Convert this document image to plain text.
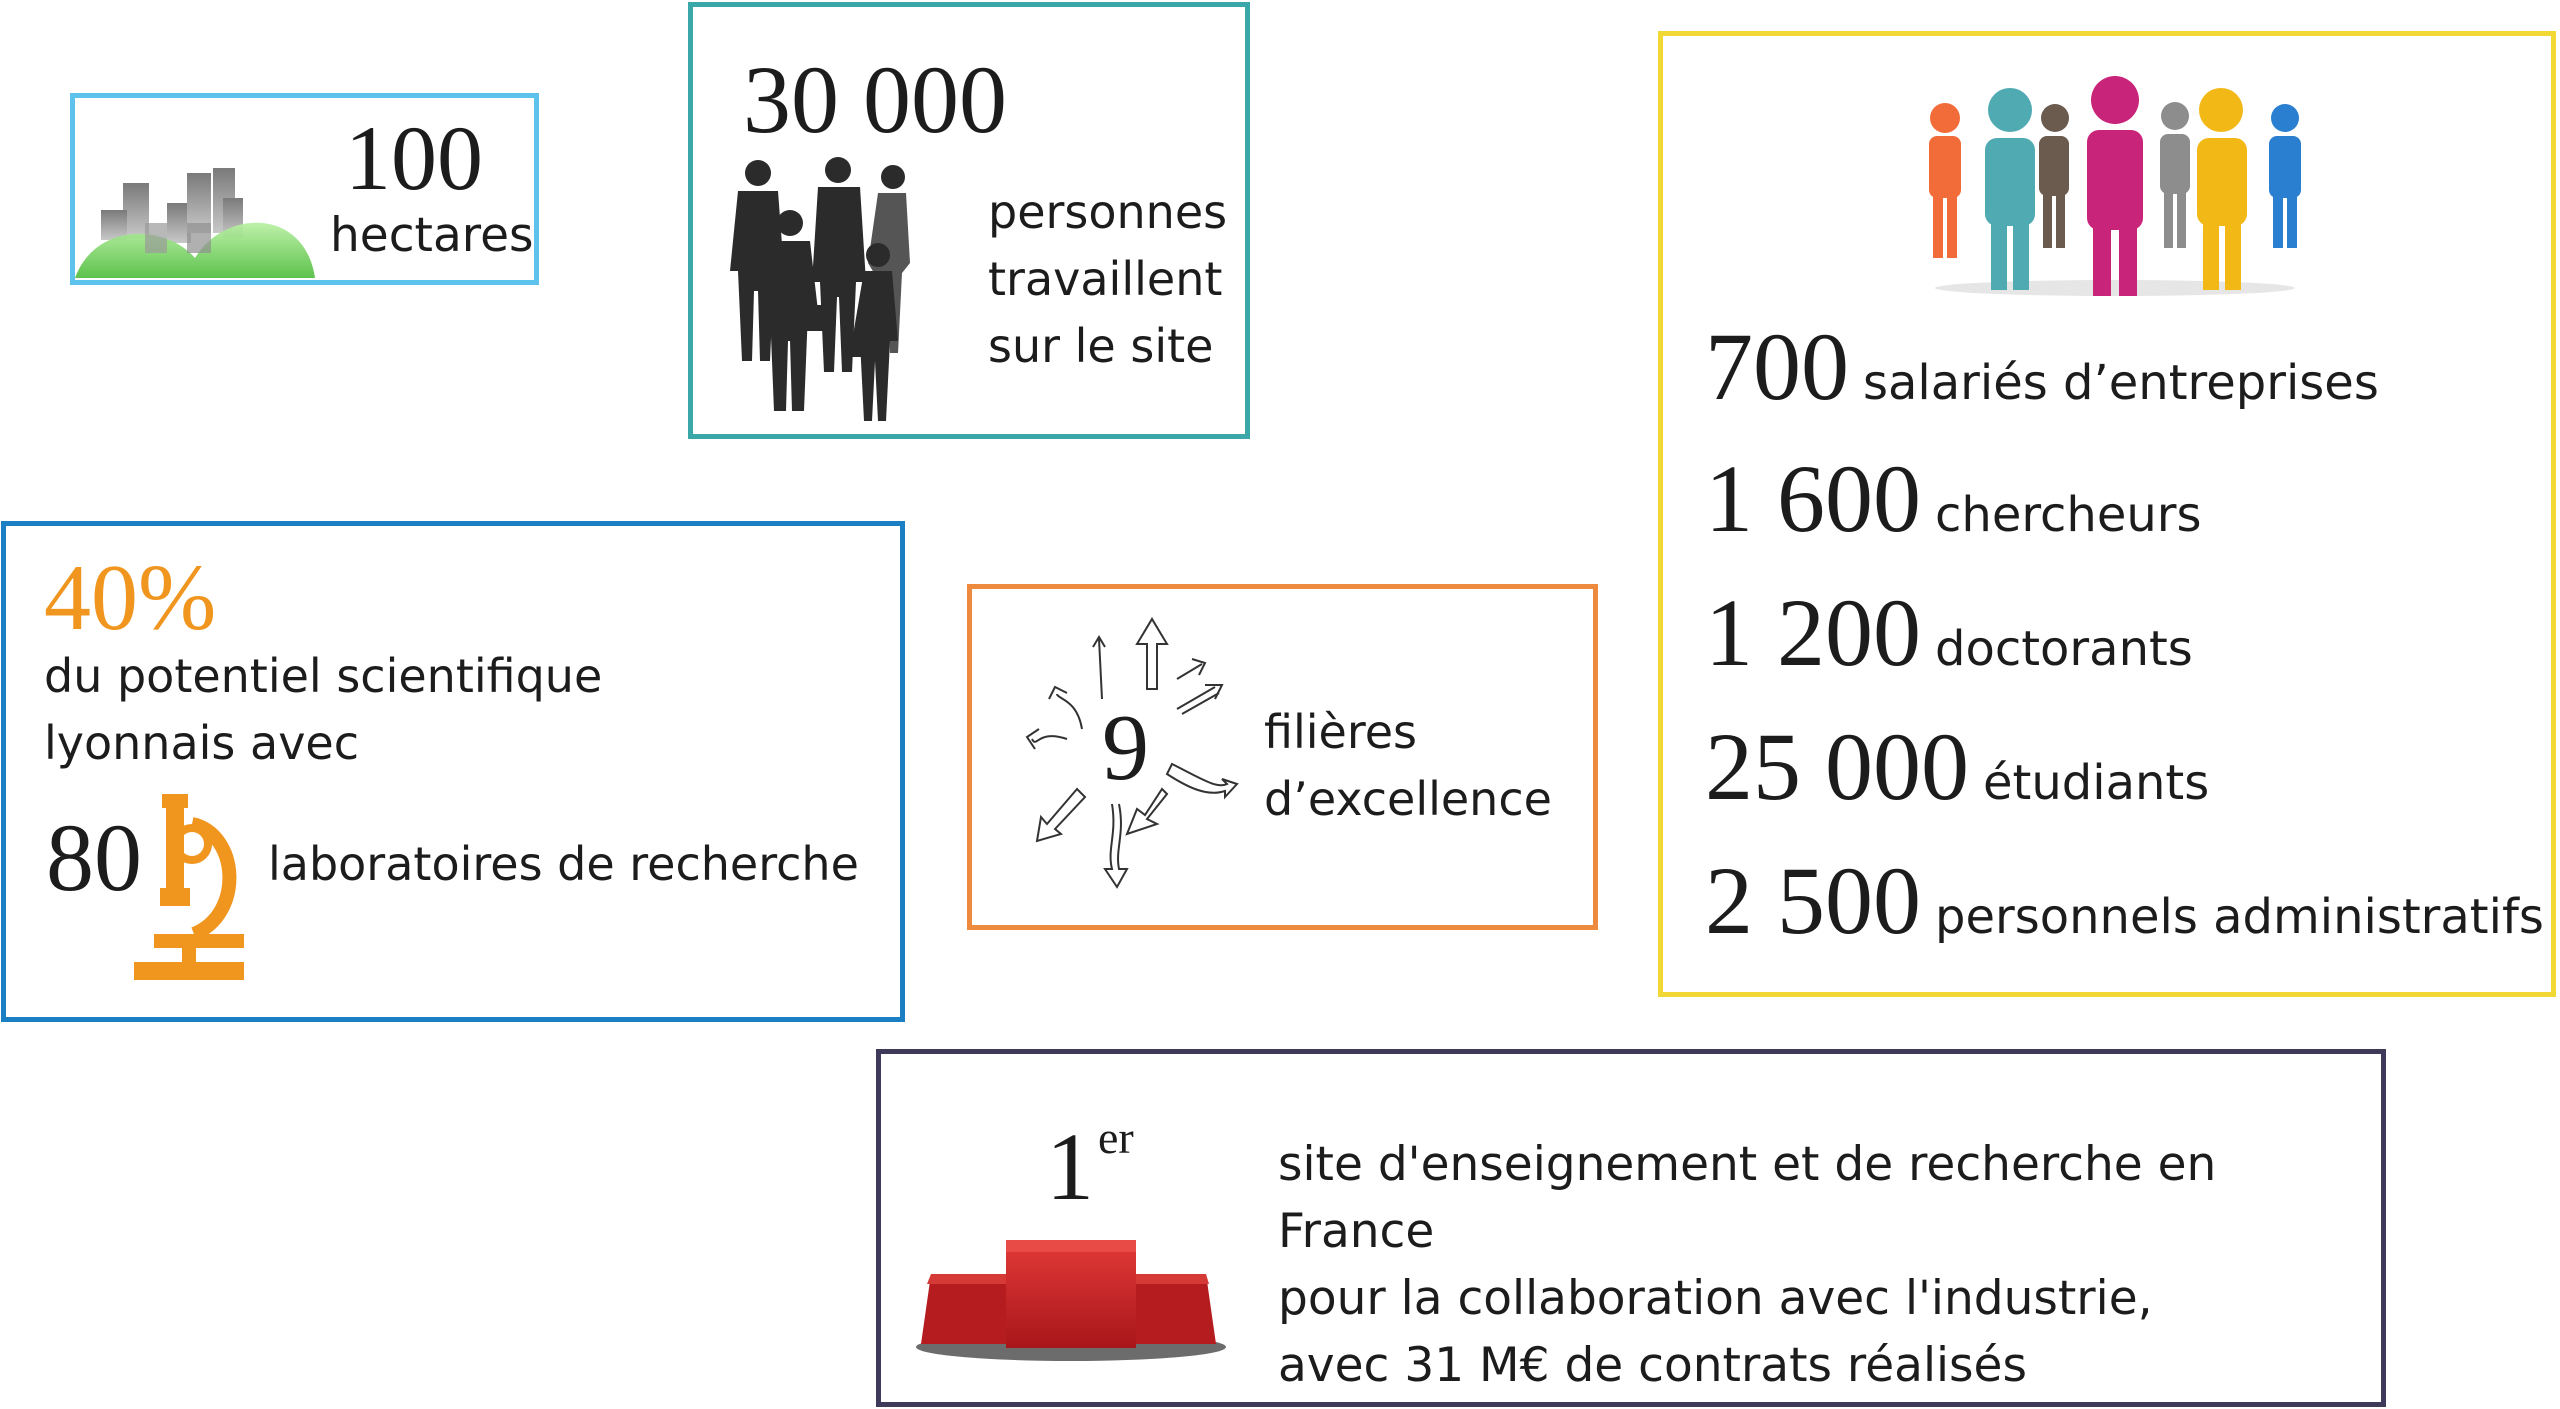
100
hectares
30 000
personnes
travaillent
sur le site	700 salariés d’entreprises
1 600 chercheurs
1 200 doctorants
25 000 étudiants
2 500 personnels administratifs
40%
du potentiel scientifique
lyonnais avec
80	laboratoires de recherche
9	filières
d’excellence
1 er	site d'enseignement et de recherche en France
pour la collaboration avec l'industrie,
avec 31 M€ de contrats réalisés
